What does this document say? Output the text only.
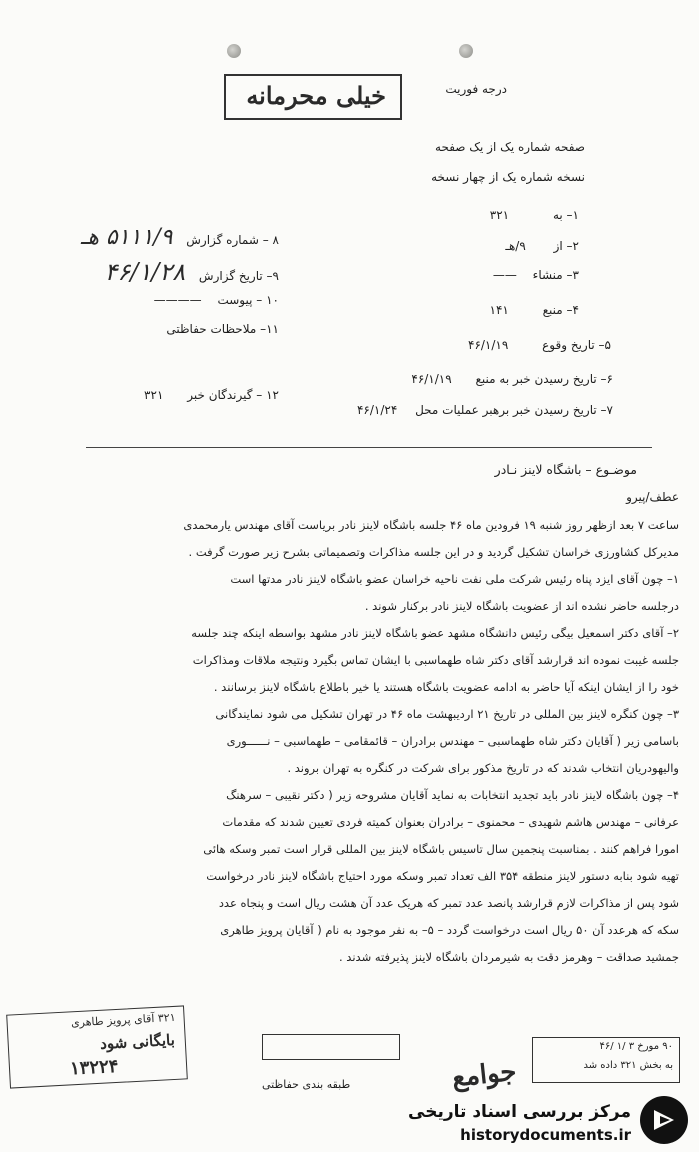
خیلی محرمانه	درجه فوریت
صفحه شماره یک از یک صفحه
نسخه شماره یک از چهار نسخه
۱– به ۳۲۱
۲– از ۹/هـ
۳– منشاء ——
۴– منبع ۱۴۱
۵– تاریخ وقوع ۴۶/۱/۱۹
۶– تاریخ رسیدن خبر به منبع ۴۶/۱/۱۹
۷– تاریخ رسیدن خبر برهبر عملیات محل ۴۶/۱/۲۴
۸ – شماره گزارش ۵۱۱۱/۹ هـ
۹– تاریخ گزارش ۴۶/۱/۲۸
۱۰ – پیوست ————
۱۱– ملاحظات حفاظتی
۱۲ – گیرندگان خبر ۳۲۱
موضـوع – باشگاه لاینز نـادر
عطف/پیرو
ساعت ۷ بعد ازظهر روز شنبه ۱۹ فرودین ماه ۴۶ جلسه باشگاه لاینز نادر بریاست آقای مهندس یارمحمدی
مدیرکل کشاورزی خراسان تشکیل گردید و در این جلسه مذاکرات وتصمیماتی بشرح زیر صورت گرفت .
۱– چون آقای ایزد پناه رئیس شرکت ملی نفت ناحیه خراسان عضو باشگاه لاینز نادر مدتها است
درجلسه حاضر نشده اند از عضویت باشگاه لاینز نادر برکنار شوند .
۲– آقای دکتر اسمعیل بیگی رئیس دانشگاه مشهد عضو باشگاه لاینز نادر مشهد بواسطه اینکه چند جلسه
جلسه غیبت نموده اند قرارشد آقای دکتر شاه طهماسبی با ایشان تماس بگیرد ونتیجه ملاقات ومذاکرات
خود را از ایشان اینکه آیا حاضر به ادامه عضویت باشگاه هستند یا خیر باطلاع باشگاه لاینز برسانند .
۳– چون کنگره لاینز بین المللی در تاریخ ۲۱ اردیبهشت ماه ۴۶ در تهران تشکیل می شود نمایندگانی
باسامی زیر ( آقایان دکتر شاه طهماسبی – مهندس برادران – قائمقامی – طهماسبی – نــــــوری
والیهودریان انتخاب شدند که در تاریخ مذکور برای شرکت در کنگره به تهران بروند .
۴– چون باشگاه لاینز نادر باید تجدید انتخابات به نماید آقایان مشروحه زیر ( دکتر نقیبی – سرهنگ
عرفانی – مهندس هاشم شهیدی – محمنوی – برادران بعنوان کمیته فردی تعیین شدند که مقدمات
امورا فراهم کنند . بمناسبت پنجمین سال تاسیس باشگاه لاینز بین المللی قرار است تمبر وسکه هائی
تهیه شود بنابه دستور لاینز منطقه ۳۵۴ الف تعداد تمبر وسکه مورد احتیاج باشگاه لاینز نادر درخواست
شود پس از مذاکرات لازم قرارشد پانصد عدد تمبر که هریک عدد آن هشت ریال است و پنجاه عدد
سکه که هرعدد آن ۵۰ ریال است درخواست گردد – ۵– به نفر موجود به نام ( آقایان پرویز طاهری
جمشید صداقت – وهرمز دقت به شیرمردان باشگاه لاینز پذیرفته شدند .
۳۲۱ آقای پرویز طاهری
بایگانی شود
۱۳۲۲۴
طبقه بندی حفاظتی
۹۰ مورخ ۳ /۱ /۴۶
به بخش ۳۲۱ داده شد
جوامع
مرکز بررسی اسناد تاریخی
historydocuments.ir
